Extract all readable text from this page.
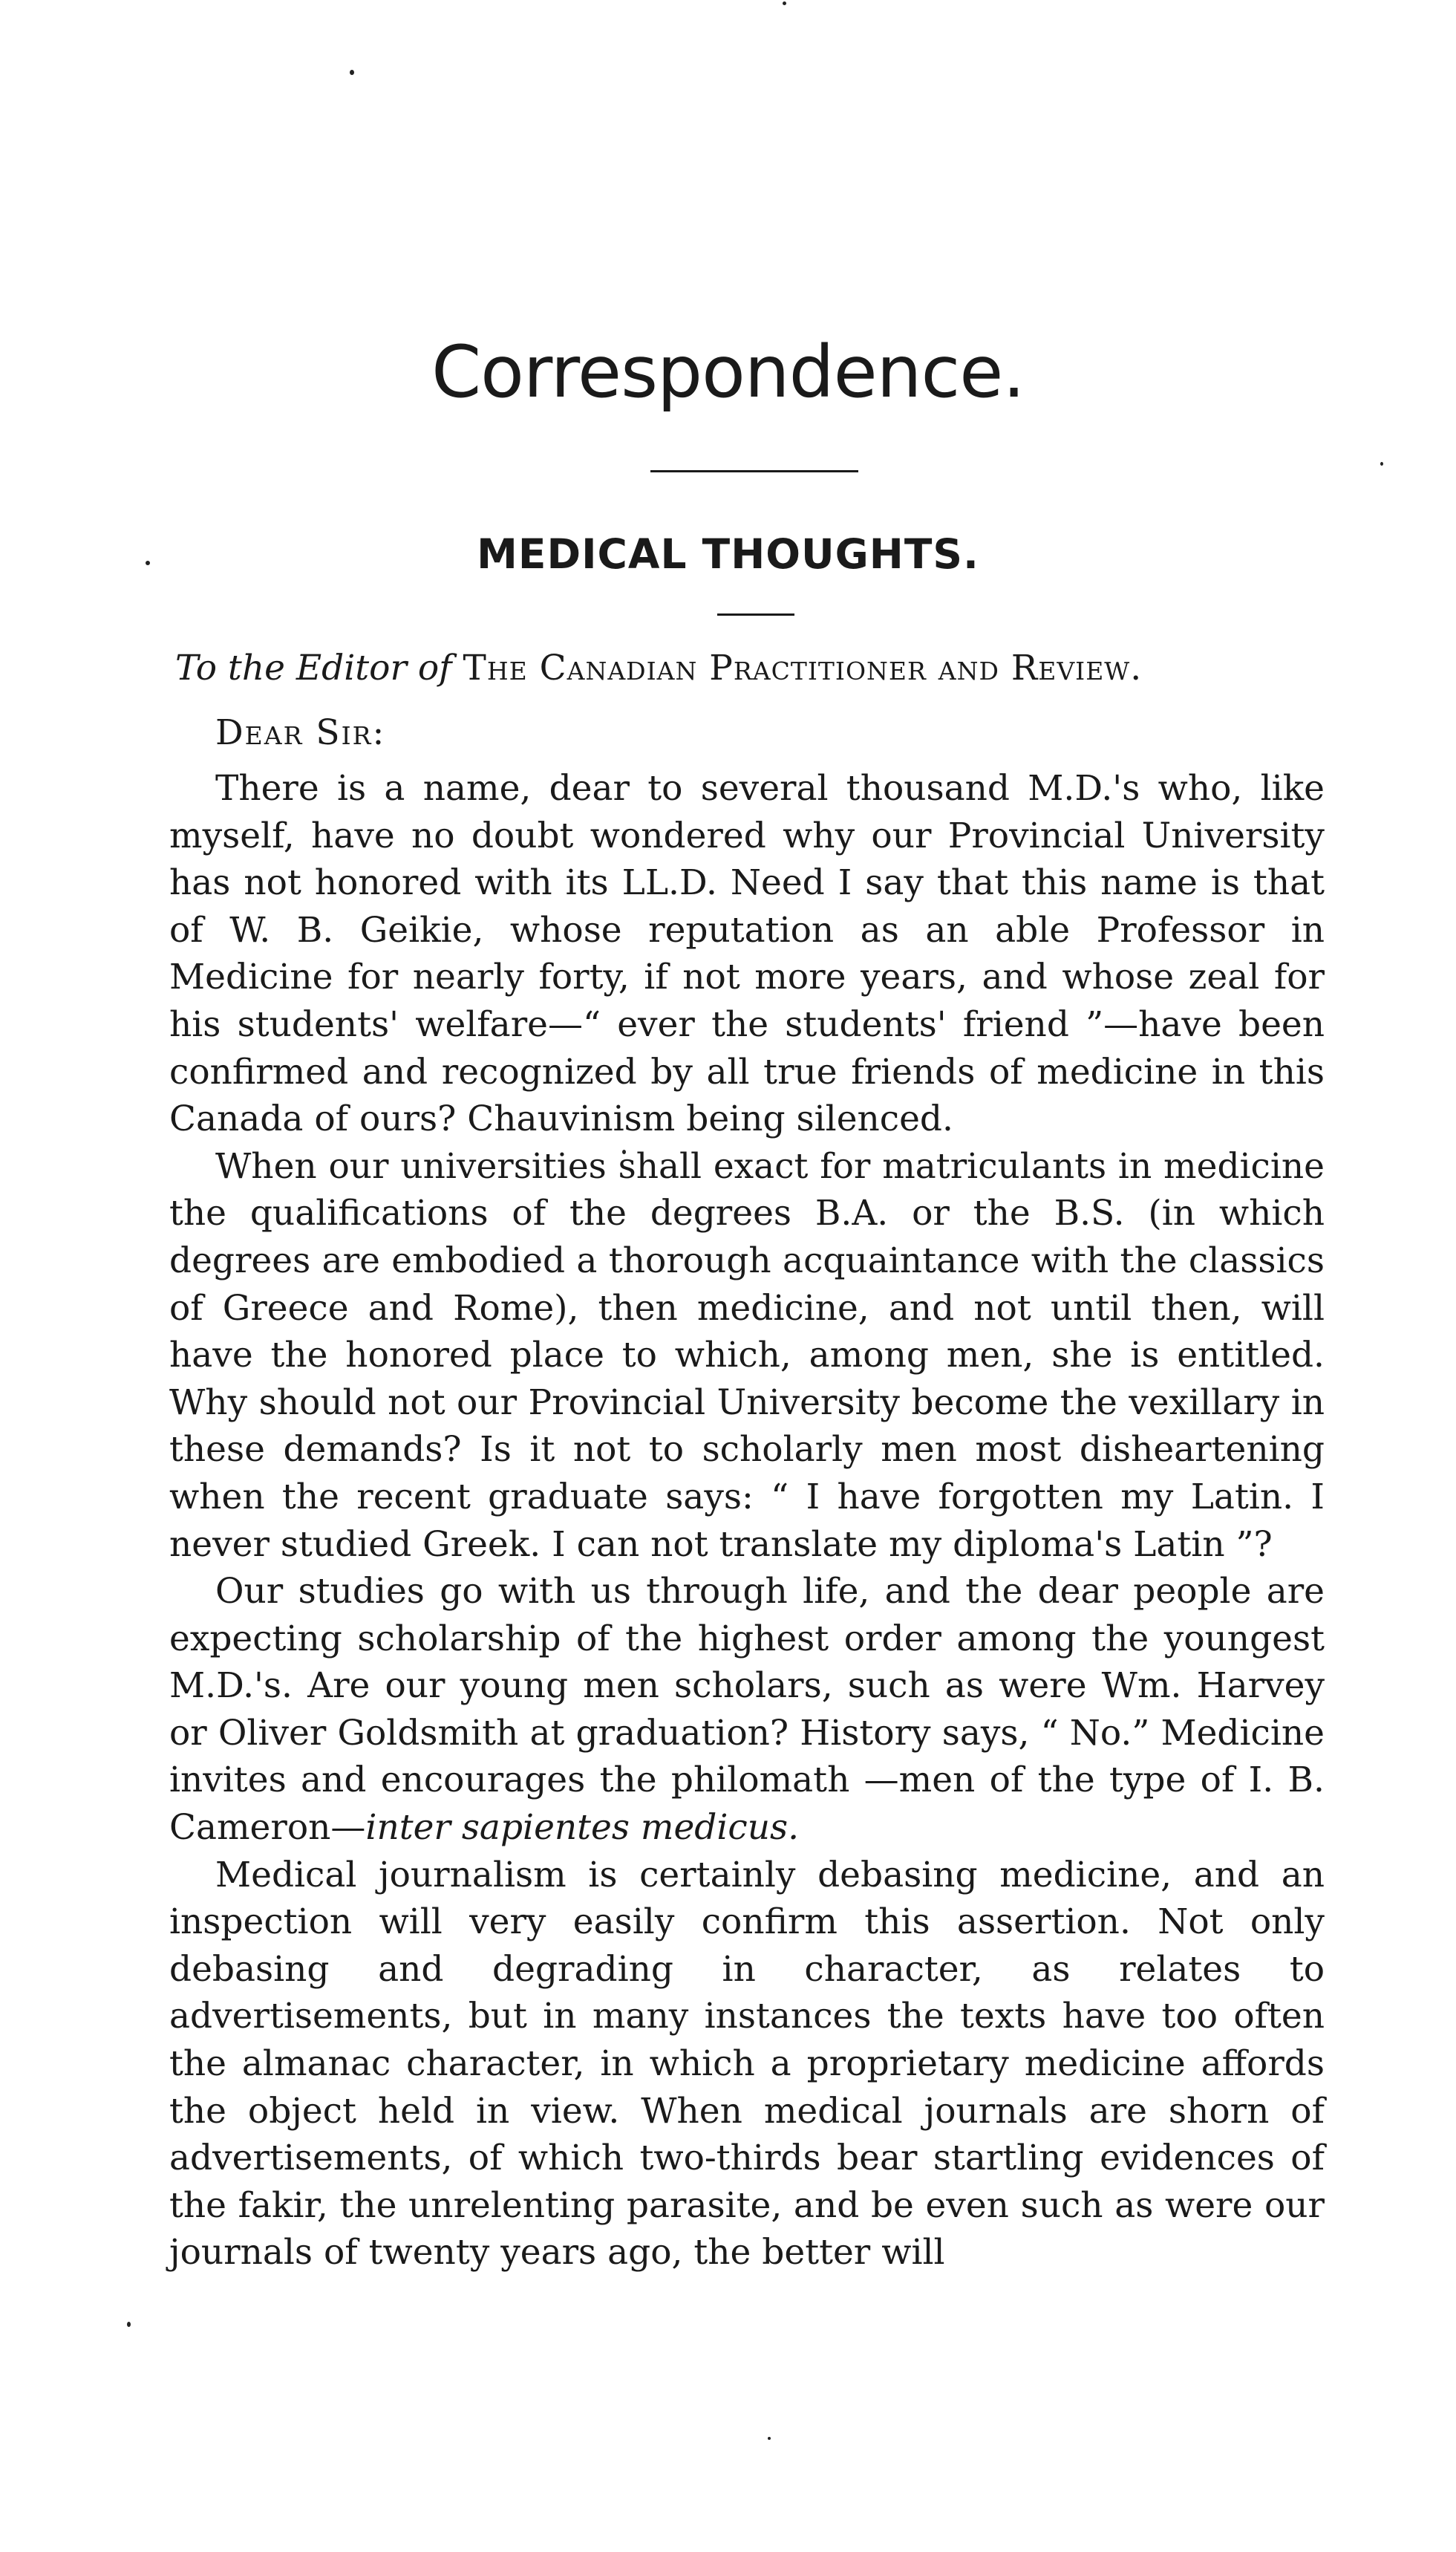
Correspondence.
MEDICAL THOUGHTS.
To the Editor of The Canadian Practitioner and Review.
Dear Sir:

There is a name, dear to several thousand M.D.'s who, like myself, have no doubt wondered why our Provincial University has not honored with its LL.D. Need I say that this name is that of W. B. Geikie, whose reputation as an able Professor in Medicine for nearly forty, if not more years, and whose zeal for his students' welfare—“ ever the students' friend ”—have been confirmed and recognized by all true friends of medicine in this Canada of ours? Chauvinism being silenced.

When our universities shall exact for matriculants in medicine the qualifications of the degrees B.A. or the B.S. (in which degrees are embodied a thorough acquaintance with the classics of Greece and Rome), then medicine, and not until then, will have the honored place to which, among men, she is entitled. Why should not our Provincial University become the vexillary in these demands? Is it not to scholarly men most disheartening when the recent graduate says: “ I have forgotten my Latin. I never studied Greek. I can not translate my diploma's Latin ”?

Our studies go with us through life, and the dear people are expecting scholarship of the highest order among the youngest M.D.'s. Are our young men scholars, such as were Wm. Harvey or Oliver Goldsmith at graduation? History says, “ No.” Medicine invites and encourages the philomath —men of the type of I. B. Cameron—inter sapientes medicus.

Medical journalism is certainly debasing medicine, and an inspection will very easily confirm this assertion. Not only debasing and degrading in character, as relates to advertisements, but in many instances the texts have too often the almanac character, in which a proprietary medicine affords the object held in view. When medical journals are shorn of advertisements, of which two-thirds bear startling evidences of the fakir, the unrelenting parasite, and be even such as were our journals of twenty years ago, the better will
